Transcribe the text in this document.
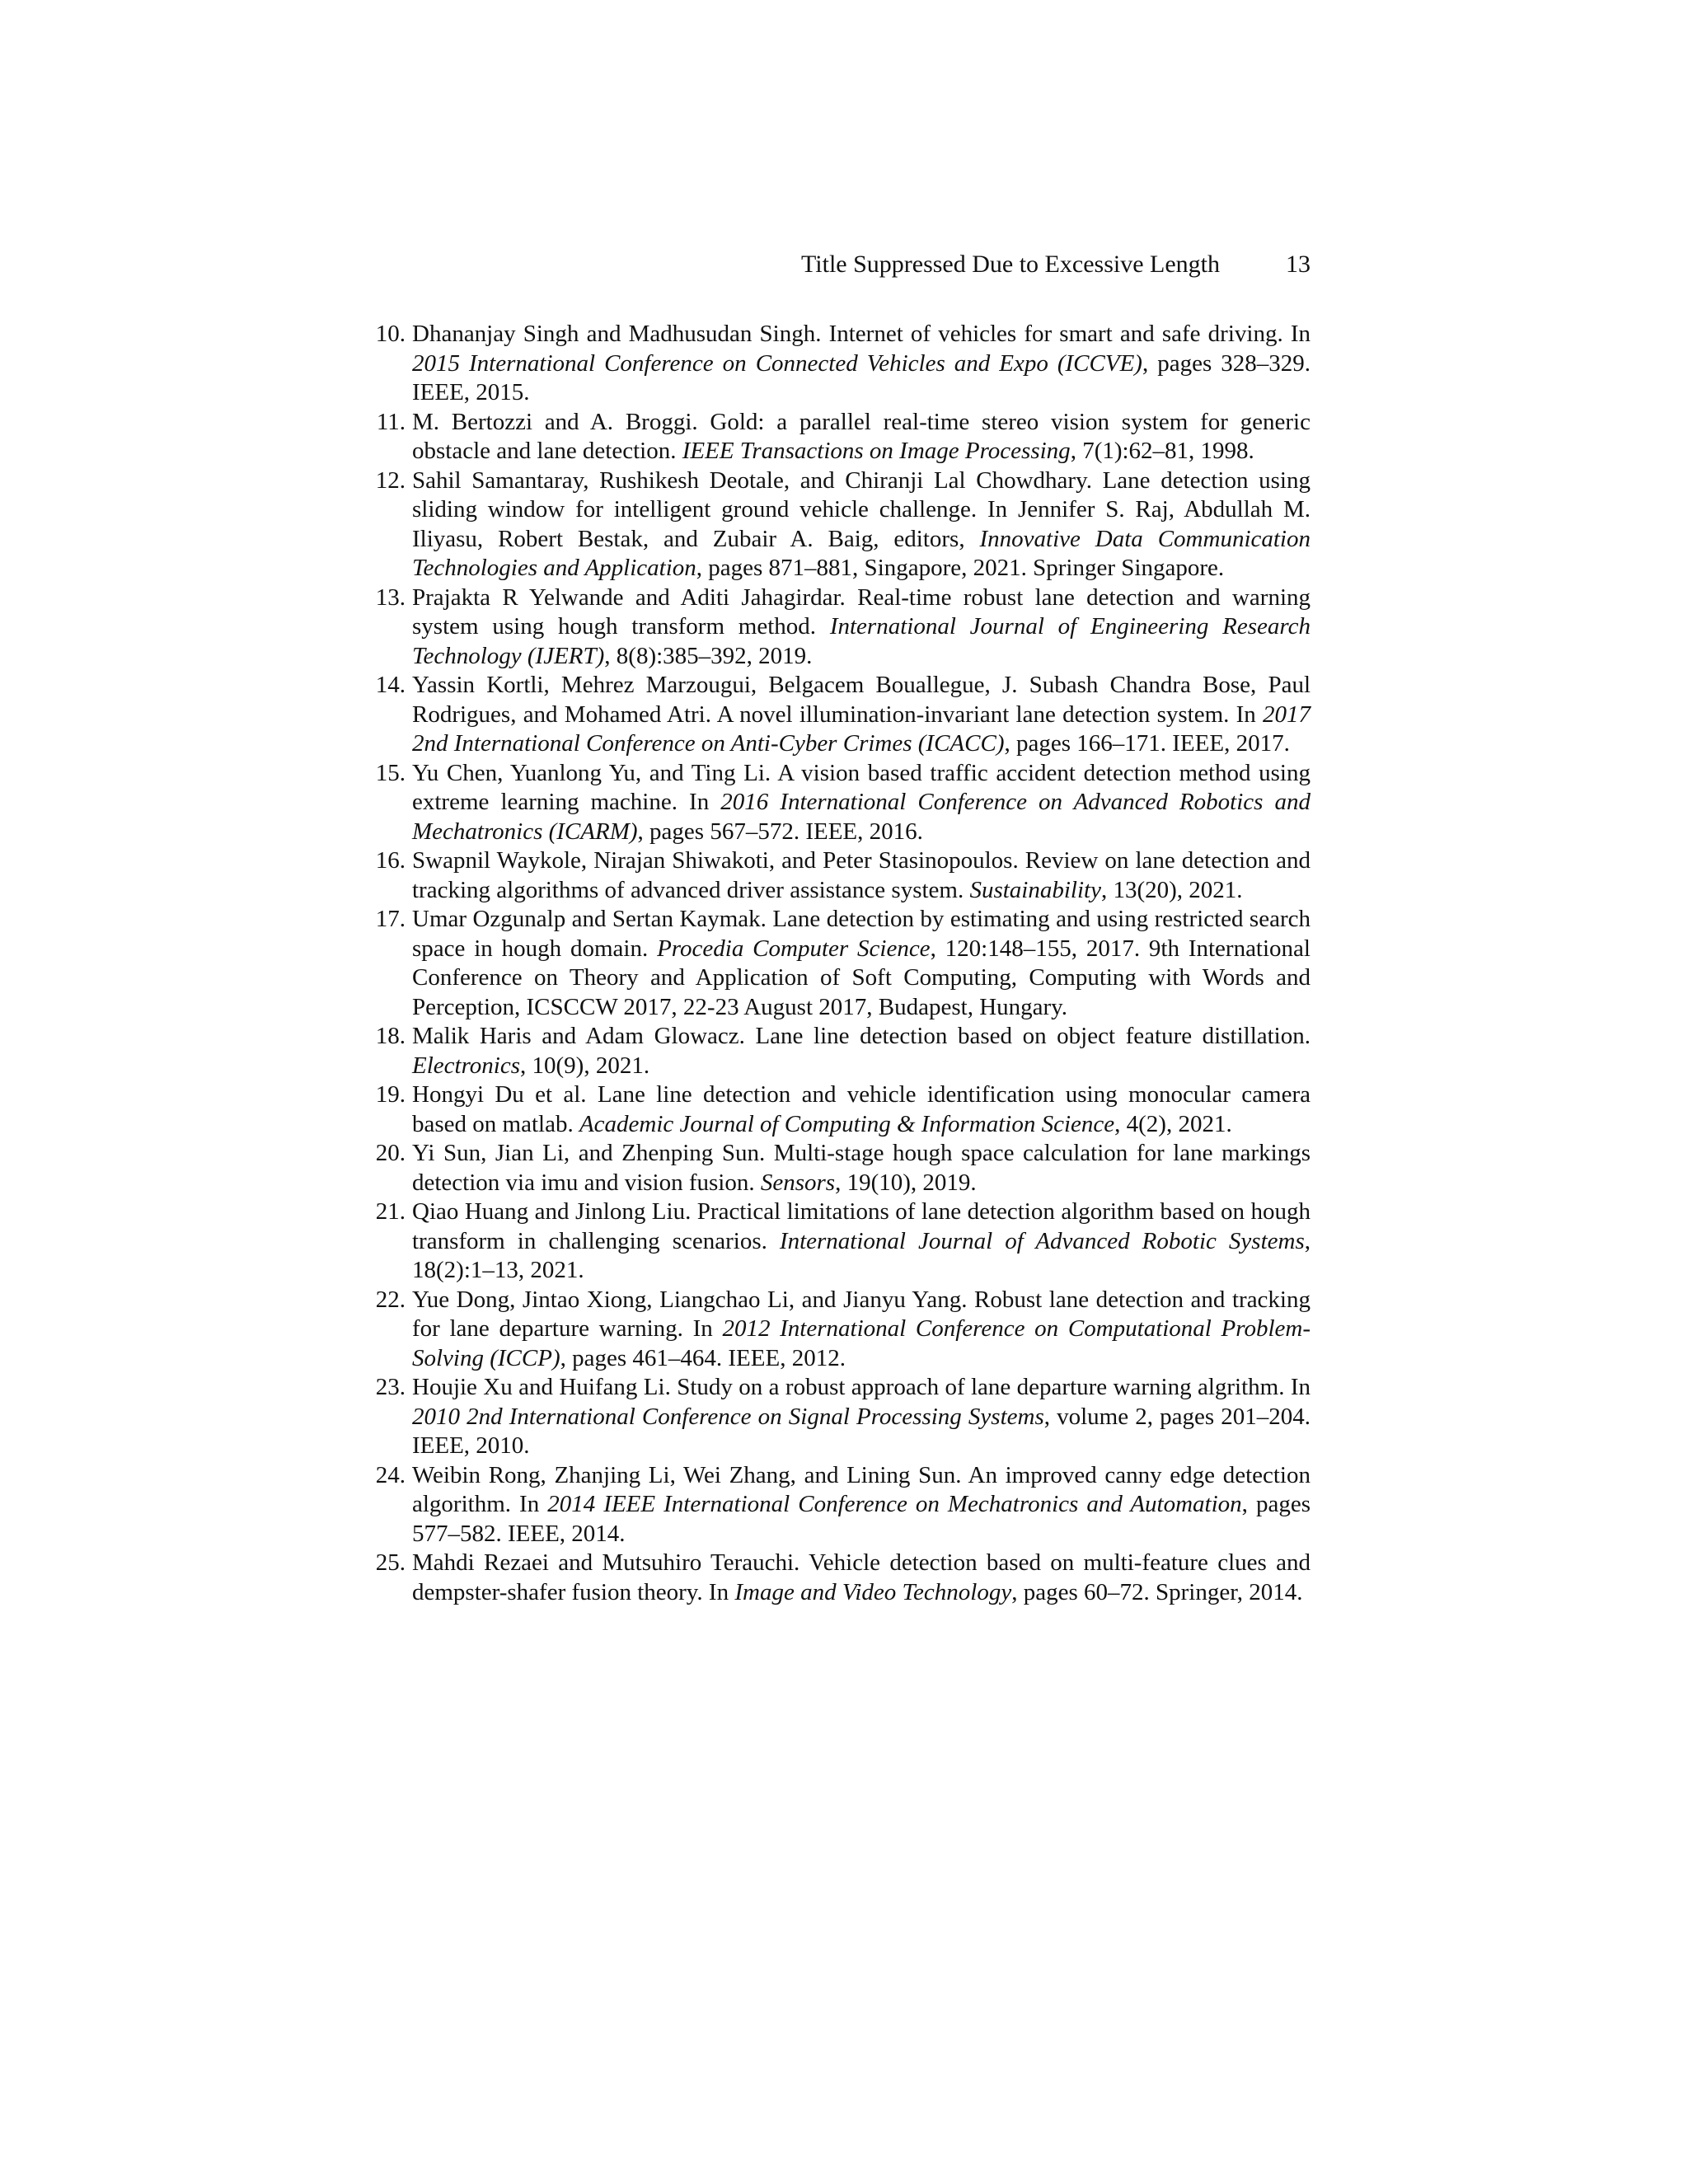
Title Suppressed Due to Excessive Length	13
10. Dhananjay Singh and Madhusudan Singh. Internet of vehicles for smart and safe driving. In 2015 International Conference on Connected Vehicles and Expo (ICCVE), pages 328–329. IEEE, 2015.
11. M. Bertozzi and A. Broggi. Gold: a parallel real-time stereo vision system for generic obstacle and lane detection. IEEE Transactions on Image Processing, 7(1):62–81, 1998.
12. Sahil Samantaray, Rushikesh Deotale, and Chiranji Lal Chowdhary. Lane detection using sliding window for intelligent ground vehicle challenge. In Jennifer S. Raj, Abdullah M. Iliyasu, Robert Bestak, and Zubair A. Baig, editors, Innovative Data Communication Technologies and Application, pages 871–881, Singapore, 2021. Springer Singapore.
13. Prajakta R Yelwande and Aditi Jahagirdar. Real-time robust lane detection and warning system using hough transform method. International Journal of Engineering Research Technology (IJERT), 8(8):385–392, 2019.
14. Yassin Kortli, Mehrez Marzougui, Belgacem Bouallegue, J. Subash Chandra Bose, Paul Rodrigues, and Mohamed Atri. A novel illumination-invariant lane detection system. In 2017 2nd International Conference on Anti-Cyber Crimes (ICACC), pages 166–171. IEEE, 2017.
15. Yu Chen, Yuanlong Yu, and Ting Li. A vision based traffic accident detection method using extreme learning machine. In 2016 International Conference on Advanced Robotics and Mechatronics (ICARM), pages 567–572. IEEE, 2016.
16. Swapnil Waykole, Nirajan Shiwakoti, and Peter Stasinopoulos. Review on lane detection and tracking algorithms of advanced driver assistance system. Sustainability, 13(20), 2021.
17. Umar Ozgunalp and Sertan Kaymak. Lane detection by estimating and using restricted search space in hough domain. Procedia Computer Science, 120:148–155, 2017. 9th International Conference on Theory and Application of Soft Computing, Computing with Words and Perception, ICSCCW 2017, 22-23 August 2017, Budapest, Hungary.
18. Malik Haris and Adam Glowacz. Lane line detection based on object feature distillation. Electronics, 10(9), 2021.
19. Hongyi Du et al. Lane line detection and vehicle identification using monocular camera based on matlab. Academic Journal of Computing & Information Science, 4(2), 2021.
20. Yi Sun, Jian Li, and Zhenping Sun. Multi-stage hough space calculation for lane markings detection via imu and vision fusion. Sensors, 19(10), 2019.
21. Qiao Huang and Jinlong Liu. Practical limitations of lane detection algorithm based on hough transform in challenging scenarios. International Journal of Advanced Robotic Systems, 18(2):1–13, 2021.
22. Yue Dong, Jintao Xiong, Liangchao Li, and Jianyu Yang. Robust lane detection and tracking for lane departure warning. In 2012 International Conference on Computational Problem-Solving (ICCP), pages 461–464. IEEE, 2012.
23. Houjie Xu and Huifang Li. Study on a robust approach of lane departure warning algrithm. In 2010 2nd International Conference on Signal Processing Systems, volume 2, pages 201–204. IEEE, 2010.
24. Weibin Rong, Zhanjing Li, Wei Zhang, and Lining Sun. An improved canny edge detection algorithm. In 2014 IEEE International Conference on Mechatronics and Automation, pages 577–582. IEEE, 2014.
25. Mahdi Rezaei and Mutsuhiro Terauchi. Vehicle detection based on multi-feature clues and dempster-shafer fusion theory. In Image and Video Technology, pages 60–72. Springer, 2014.
